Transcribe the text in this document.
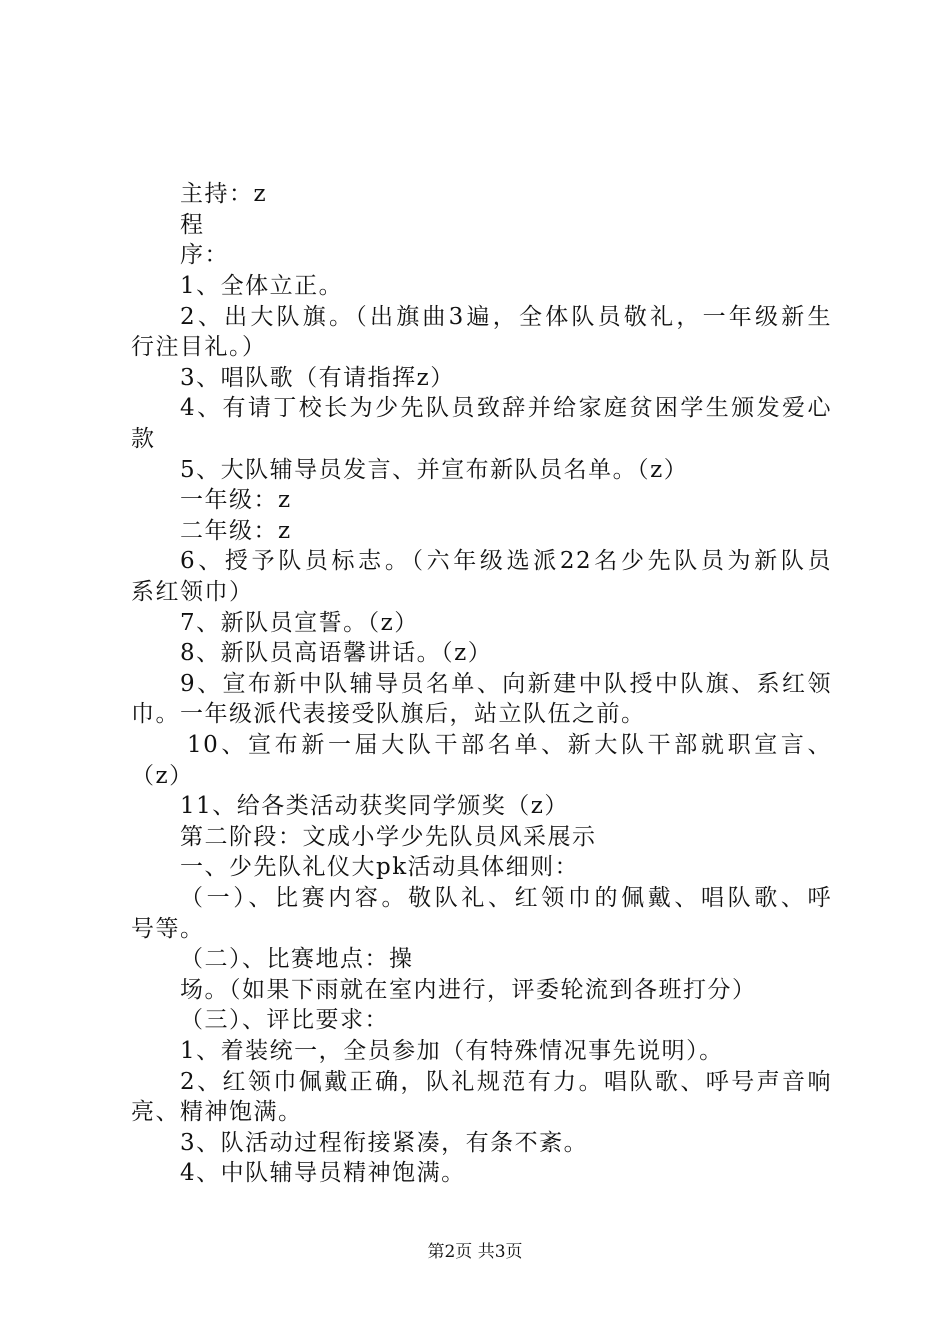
主持：z
程
序：
1、全体立正。
2、出大队旗。（出旗曲3遍，全体队员敬礼，一年级新生
行注目礼。）
3、唱队歌（有请指挥z）
4、有请丁校长为少先队员致辞并给家庭贫困学生颁发爱心
款
5、大队辅导员发言、并宣布新队员名单。（z）
一年级：z
二年级：z
6、授予队员标志。（六年级选派22名少先队员为新队员
系红领巾）
7、新队员宣誓。（z）
8、新队员高语馨讲话。（z）
9、宣布新中队辅导员名单、向新建中队授中队旗、系红领
巾。一年级派代表接受队旗后，站立队伍之前。
10、宣布新一届大队干部名单、新大队干部就职宣言、
（z）
11、给各类活动获奖同学颁奖（z）
第二阶段：文成小学少先队员风采展示
一、少先队礼仪大pk活动具体细则：
（一）、比赛内容。敬队礼、红领巾的佩戴、唱队歌、呼
号等。
（二）、比赛地点：操
场。（如果下雨就在室内进行，评委轮流到各班打分）
（三）、评比要求：
1、着装统一，全员参加（有特殊情况事先说明）。
2、红领巾佩戴正确，队礼规范有力。唱队歌、呼号声音响
亮、精神饱满。
3、队活动过程衔接紧凑，有条不紊。
4、中队辅导员精神饱满。
第2页 共3页
